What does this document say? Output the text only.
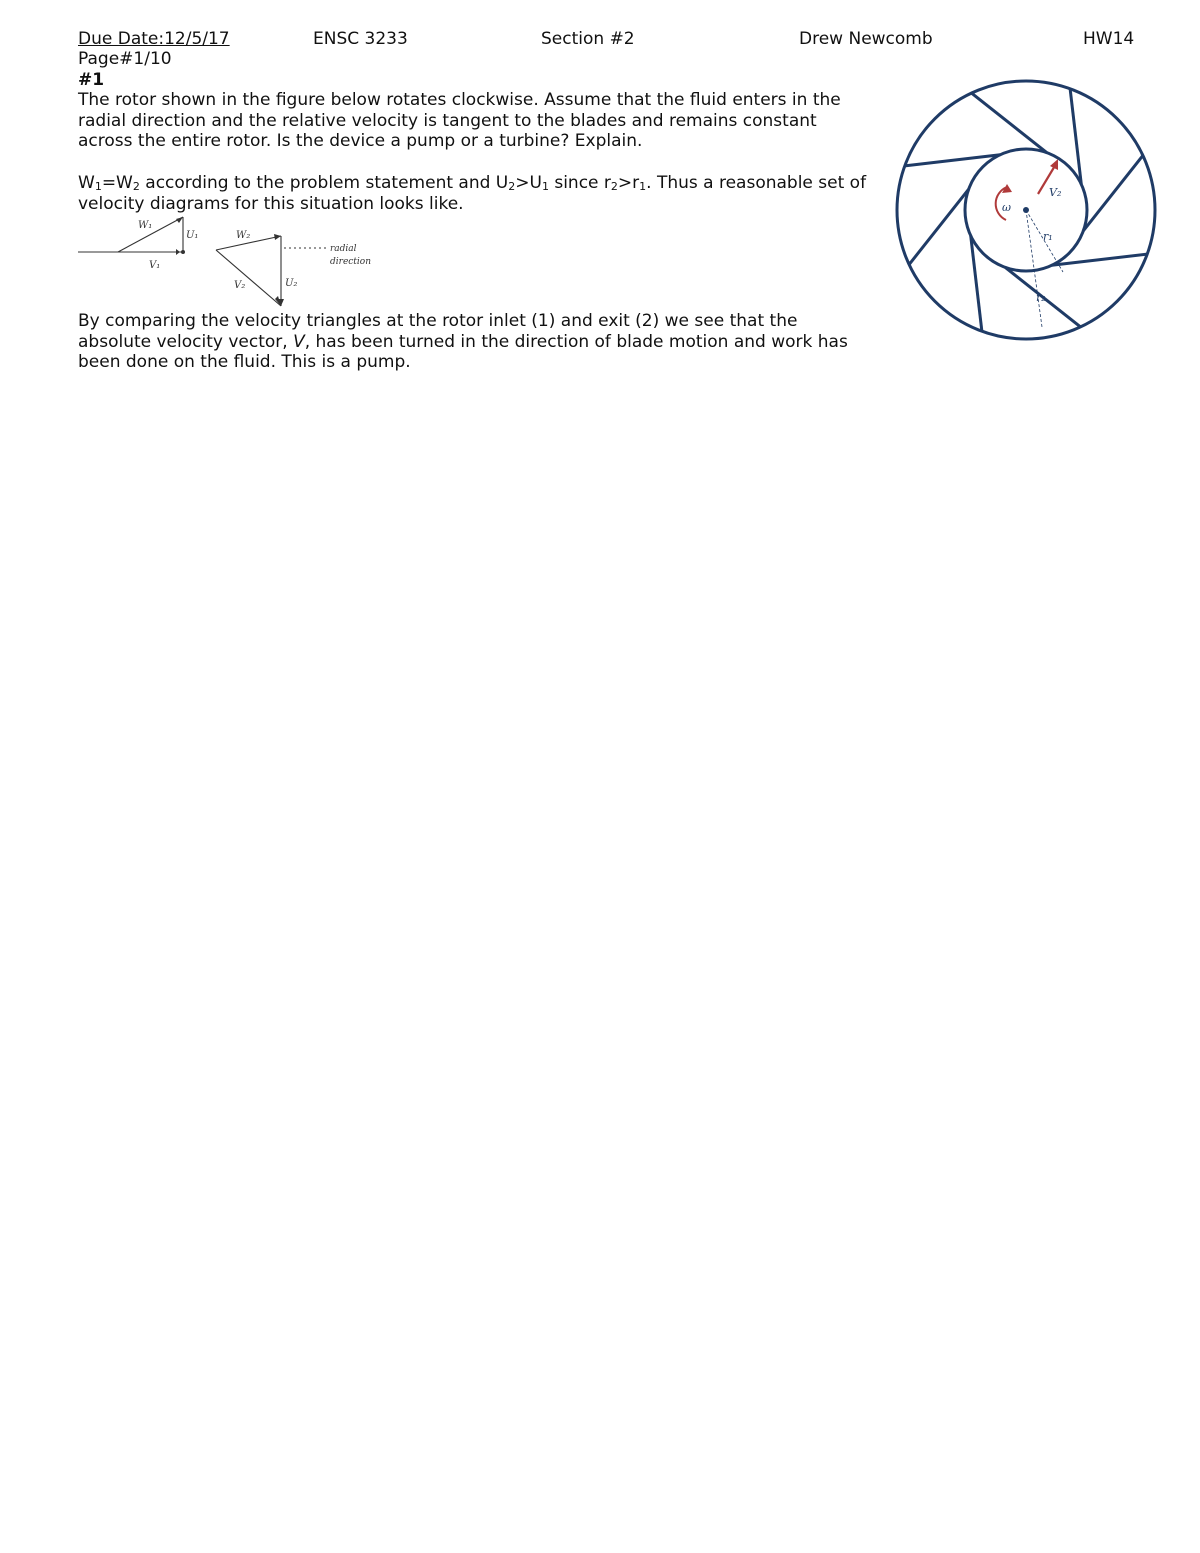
Due Date:12/5/17	ENSC 3233	Section #2	Drew Newcomb	HW14
Page#1/10
#1

The rotor shown in the figure below rotates clockwise. Assume that the fluid enters in the radial direction and the relative velocity is tangent to the blades and remains constant across the entire rotor. Is the device a pump or a turbine? Explain.

$W_1=W_2$ according to the problem statement and $U_2>U_1$ since $r_2>r_1$. Thus a reasonable set of velocity diagrams for this situation looks like.

W₁
U₁
V₁
W₂
V₂	U₂
radial
direction

By comparing the velocity triangles at the rotor inlet (1) and exit (2) we see that the absolute velocity vector, V, has been turned in the direction of blade motion and work has been done on the fluid. This is a pump.

ω
V₂
r₁
r₂
